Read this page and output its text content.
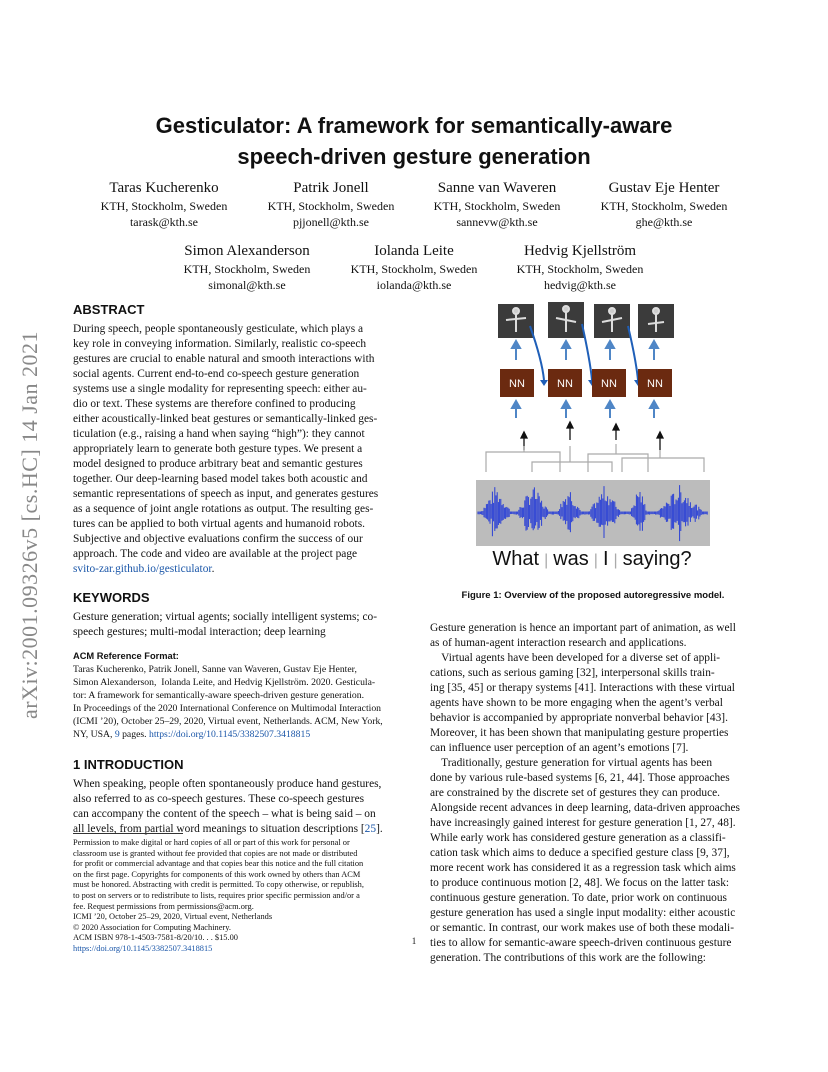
Gesticulator: A framework for semantically-aware
speech-driven gesture generation
Taras Kucherenko
KTH, Stockholm, Sweden
tarask@kth.se
Patrik Jonell
KTH, Stockholm, Sweden
pjjonell@kth.se
Sanne van Waveren
KTH, Stockholm, Sweden
sannevw@kth.se
Gustav Eje Henter
KTH, Stockholm, Sweden
ghe@kth.se
Simon Alexanderson
KTH, Stockholm, Sweden
simonal@kth.se
Iolanda Leite
KTH, Stockholm, Sweden
iolanda@kth.se
Hedvig Kjellström
KTH, Stockholm, Sweden
hedvig@kth.se
arXiv:2001.09326v5 [cs.HC] 14 Jan 2021
ABSTRACT
During speech, people spontaneously gesticulate, which plays a
key role in conveying information. Similarly, realistic co-speech
gestures are crucial to enable natural and smooth interactions with
social agents. Current end-to-end co-speech gesture generation
systems use a single modality for representing speech: either au-
dio or text. These systems are therefore confined to producing
either acoustically-linked beat gestures or semantically-linked ges-
ticulation (e.g., raising a hand when saying “high”): they cannot
appropriately learn to generate both gesture types. We present a
model designed to produce arbitrary beat and semantic gestures
together. Our deep-learning based model takes both acoustic and
semantic representations of speech as input, and generates gestures
as a sequence of joint angle rotations as output. The resulting ges-
tures can be applied to both virtual agents and humanoid robots.
Subjective and objective evaluations confirm the success of our
approach. The code and video are available at the project page
svito-zar.github.io/gesticulator.
KEYWORDS
Gesture generation; virtual agents; socially intelligent systems; co-
speech gestures; multi-modal interaction; deep learning
ACM Reference Format:
Taras Kucherenko, Patrik Jonell, Sanne van Waveren, Gustav Eje Henter,
Simon Alexanderson,  Iolanda Leite, and Hedvig Kjellström. 2020. Gesticula-
tor: A framework for semantically-aware speech-driven gesture generation.
In Proceedings of the 2020 International Conference on Multimodal Interaction
(ICMI ’20), October 25–29, 2020, Virtual event, Netherlands. ACM, New York,
NY, USA, 9 pages. https://doi.org/10.1145/3382507.3418815
1 INTRODUCTION
When speaking, people often spontaneously produce hand gestures,
also referred to as co-speech gestures. These co-speech gestures
can accompany the content of the speech – what is being said – on
all levels, from partial word meanings to situation descriptions [25].
Permission to make digital or hard copies of all or part of this work for personal or
classroom use is granted without fee provided that copies are not made or distributed
for profit or commercial advantage and that copies bear this notice and the full citation
on the first page. Copyrights for components of this work owned by others than ACM
must be honored. Abstracting with credit is permitted. To copy otherwise, or republish,
to post on servers or to redistribute to lists, requires prior specific permission and/or a
fee. Request permissions from permissions@acm.org.
ICMI ’20, October 25–29, 2020, Virtual event, Netherlands
© 2020 Association for Computing Machinery.
ACM ISBN 978-1-4503-7581-8/20/10. . . $15.00
https://doi.org/10.1145/3382507.3418815
NN	NN	NN	NN
What | was | I | saying?
Figure 1: Overview of the proposed autoregressive model.
Gesture generation is hence an important part of animation, as well
as of human-agent interaction research and applications.
Virtual agents have been developed for a diverse set of appli-
cations, such as serious gaming [32], interpersonal skills train-
ing [35, 45] or therapy systems [41]. Interactions with these virtual
agents have shown to be more engaging when the agent’s verbal
behavior is accompanied by appropriate nonverbal behavior [43].
Moreover, it has been shown that manipulating gesture properties
can influence user perception of an agent’s emotions [7].
Traditionally, gesture generation for virtual agents has been
done by various rule-based systems [6, 21, 44]. Those approaches
are constrained by the discrete set of gestures they can produce.
Alongside recent advances in deep learning, data-driven approaches
have increasingly gained interest for gesture generation [1, 27, 48].
While early work has considered gesture generation as a classifi-
cation task which aims to deduce a specified gesture class [9, 37],
more recent work has considered it as a regression task which aims
to produce continuous motion [2, 48]. We focus on the latter task:
continuous gesture generation. To date, prior work on continuous
gesture generation has used a single input modality: either acoustic
or semantic. In contrast, our work makes use of both these modali-
ties to allow for semantic-aware speech-driven continuous gesture
generation. The contributions of this work are the following:
1
